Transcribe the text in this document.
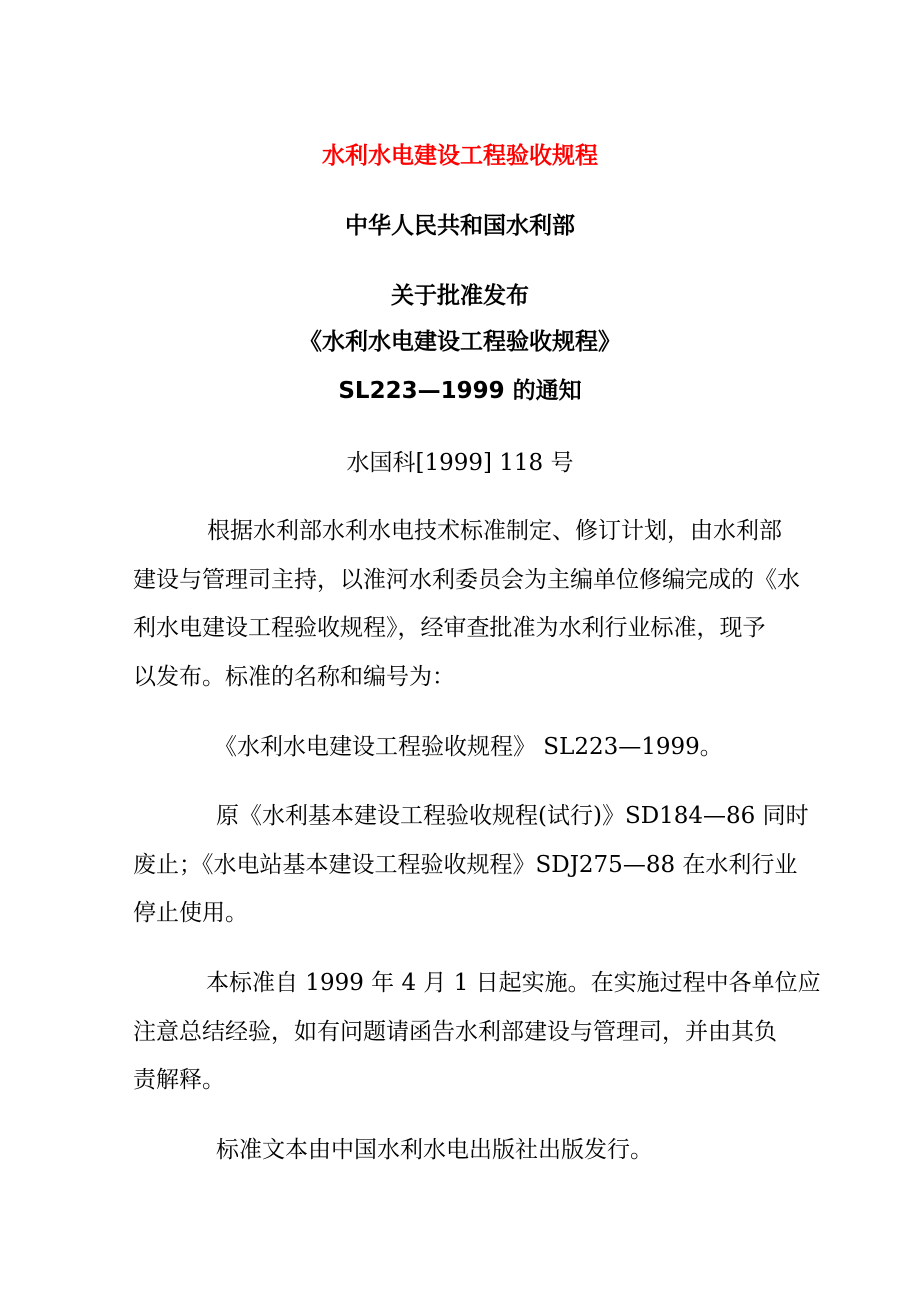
水利水电建设工程验收规程
中华人民共和国水利部
关于批准发布
《水利水电建设工程验收规程》
SL223—1999 的通知
水国科[1999] 118 号
根据水利部水利水电技术标准制定、修订计划，由水利部
建设与管理司主持，以淮河水利委员会为主编单位修编完成的《水
利水电建设工程验收规程》，经审查批准为水利行业标准，现予
以发布。标准的名称和编号为：
《水利水电建设工程验收规程》 SL223—1999。
原《水利基本建设工程验收规程(试行)》SD184—86 同时
废止；《水电站基本建设工程验收规程》SDJ275—88 在水利行业
停止使用。
本标准自 1999 年 4 月 1 日起实施。在实施过程中各单位应
注意总结经验，如有问题请函告水利部建设与管理司，并由其负
责解释。
标准文本由中国水利水电出版社出版发行。
